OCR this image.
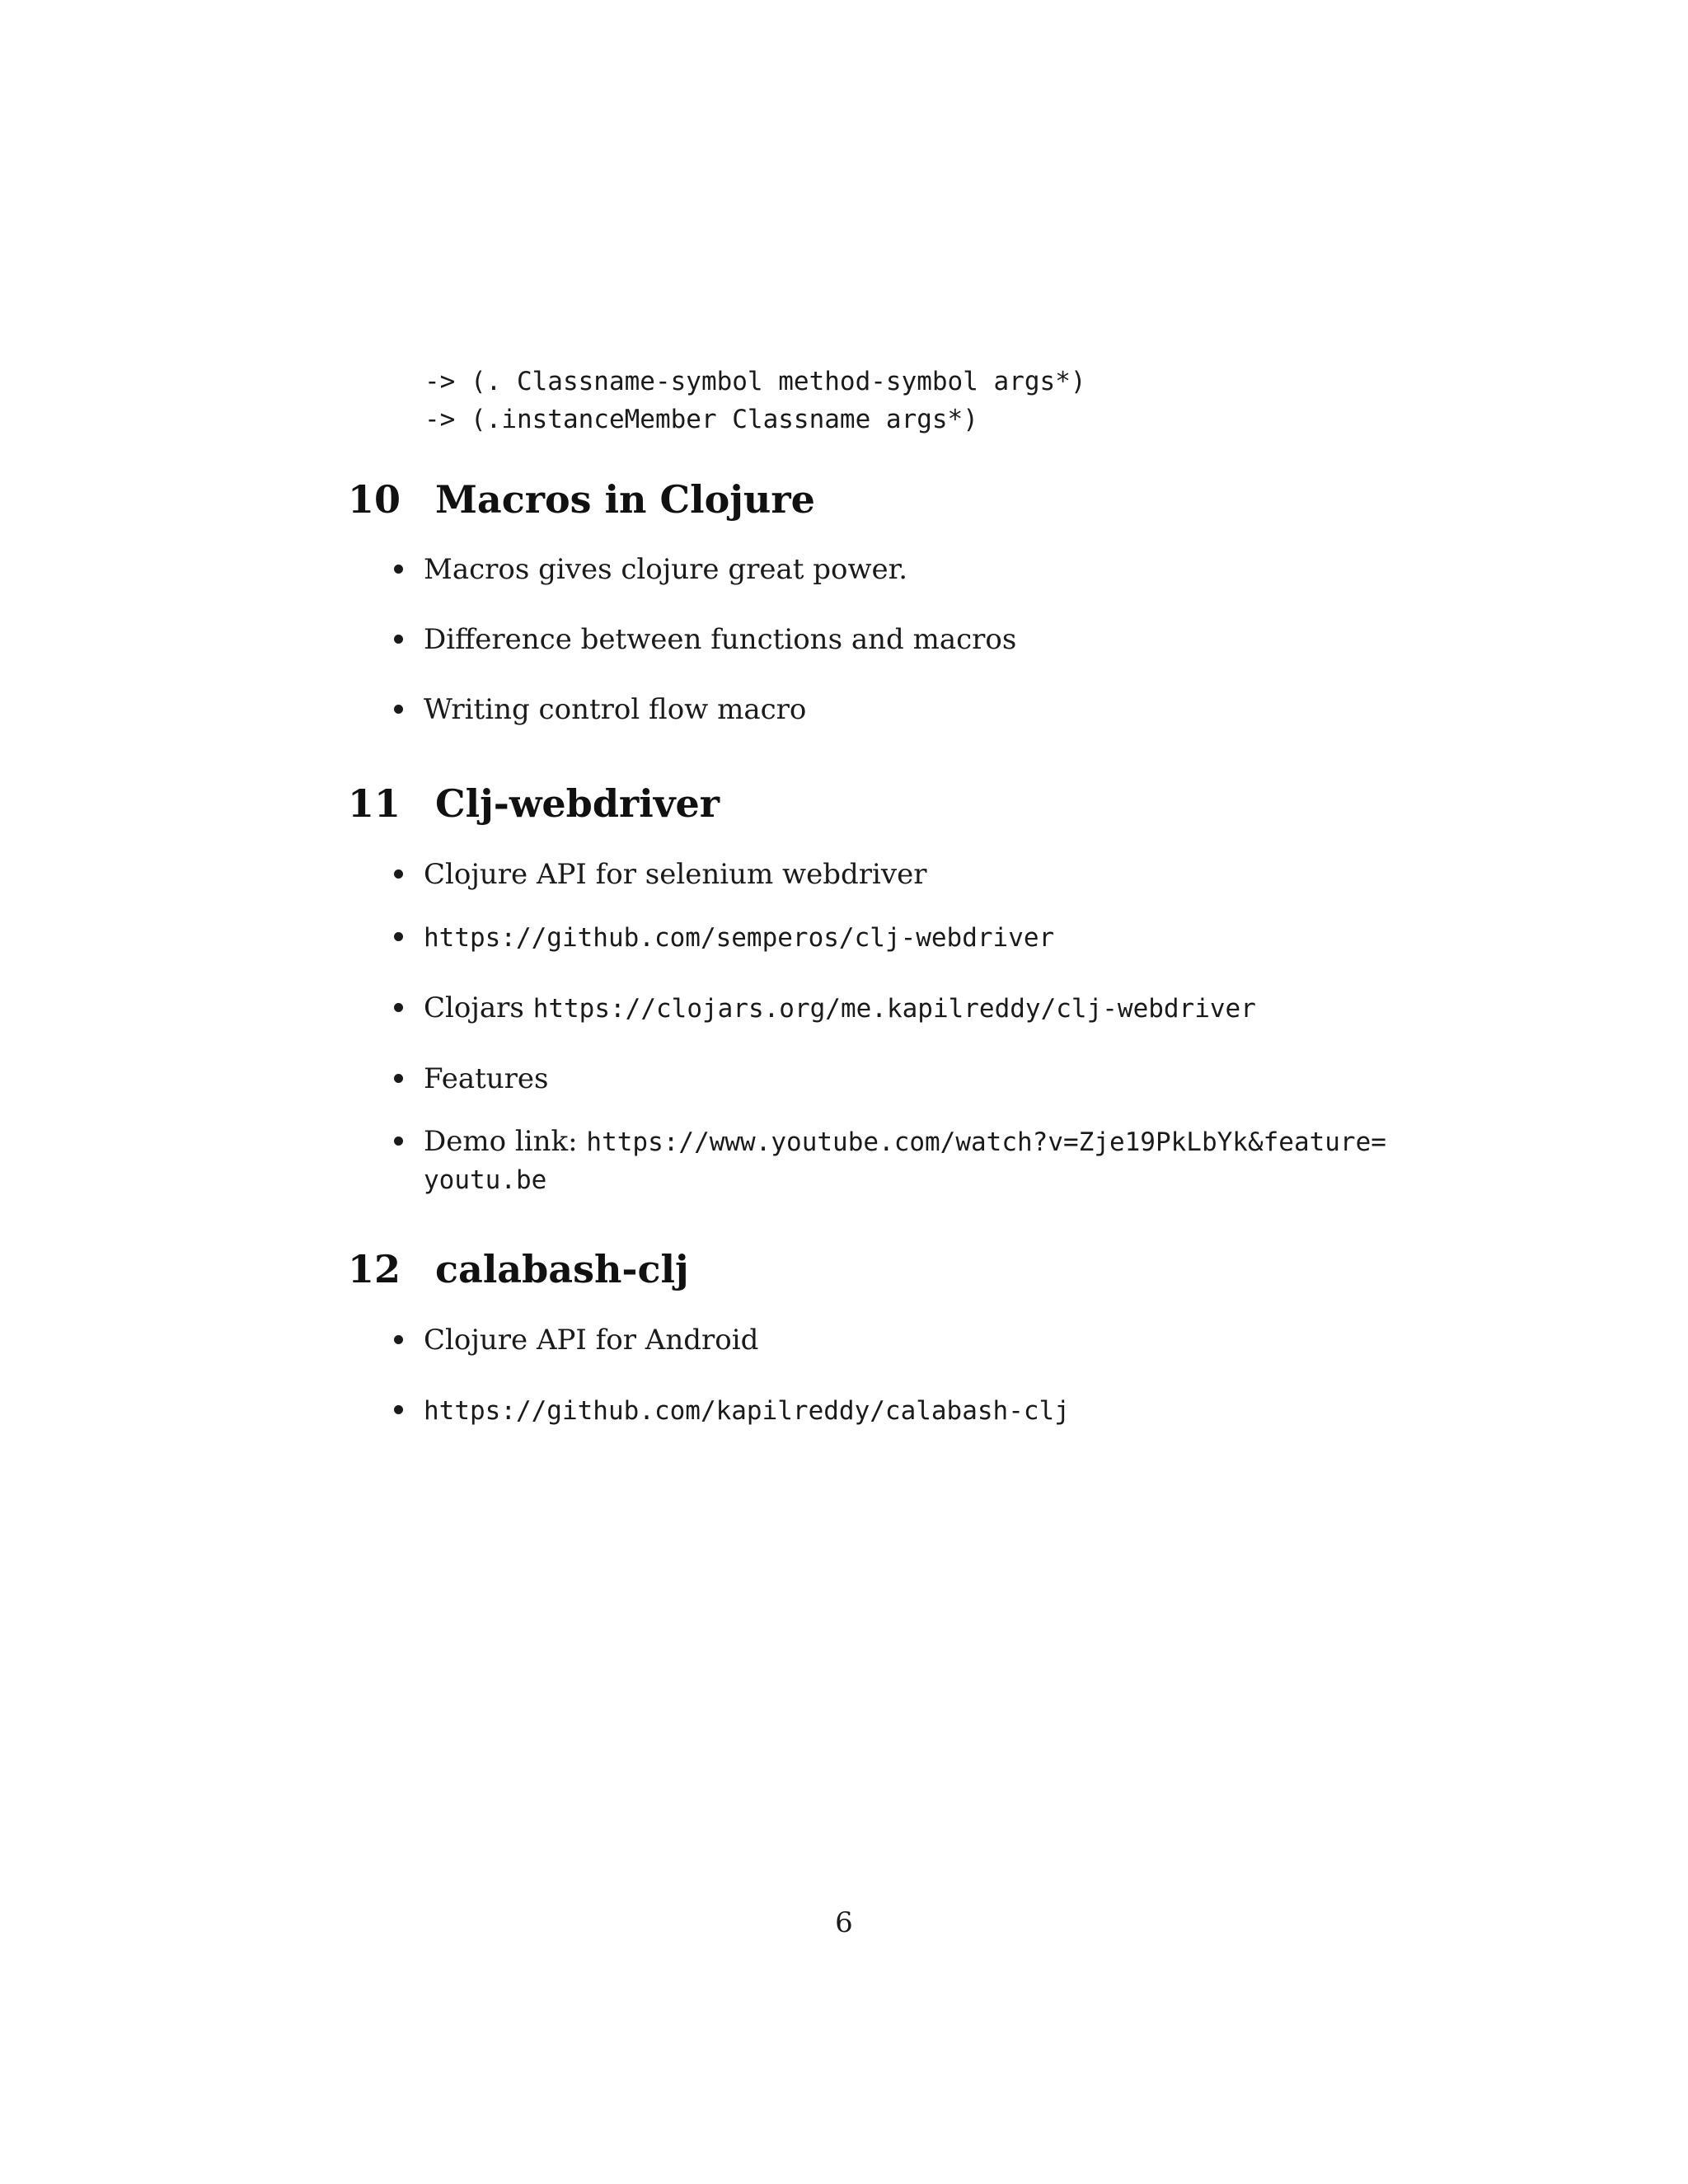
-> (. Classname-symbol method-symbol args*)
-> (.instanceMember Classname args*)
10 Macros in Clojure
Macros gives clojure great power.
Difference between functions and macros
Writing control flow macro
11 Clj-webdriver
Clojure API for selenium webdriver
https://github.com/semperos/clj-webdriver
Clojars https://clojars.org/me.kapilreddy/clj-webdriver
Features
Demo link: https://www.youtube.com/watch?v=Zje19PkLbYk&feature=
youtu.be
12 calabash-clj
Clojure API for Android
https://github.com/kapilreddy/calabash-clj
6
